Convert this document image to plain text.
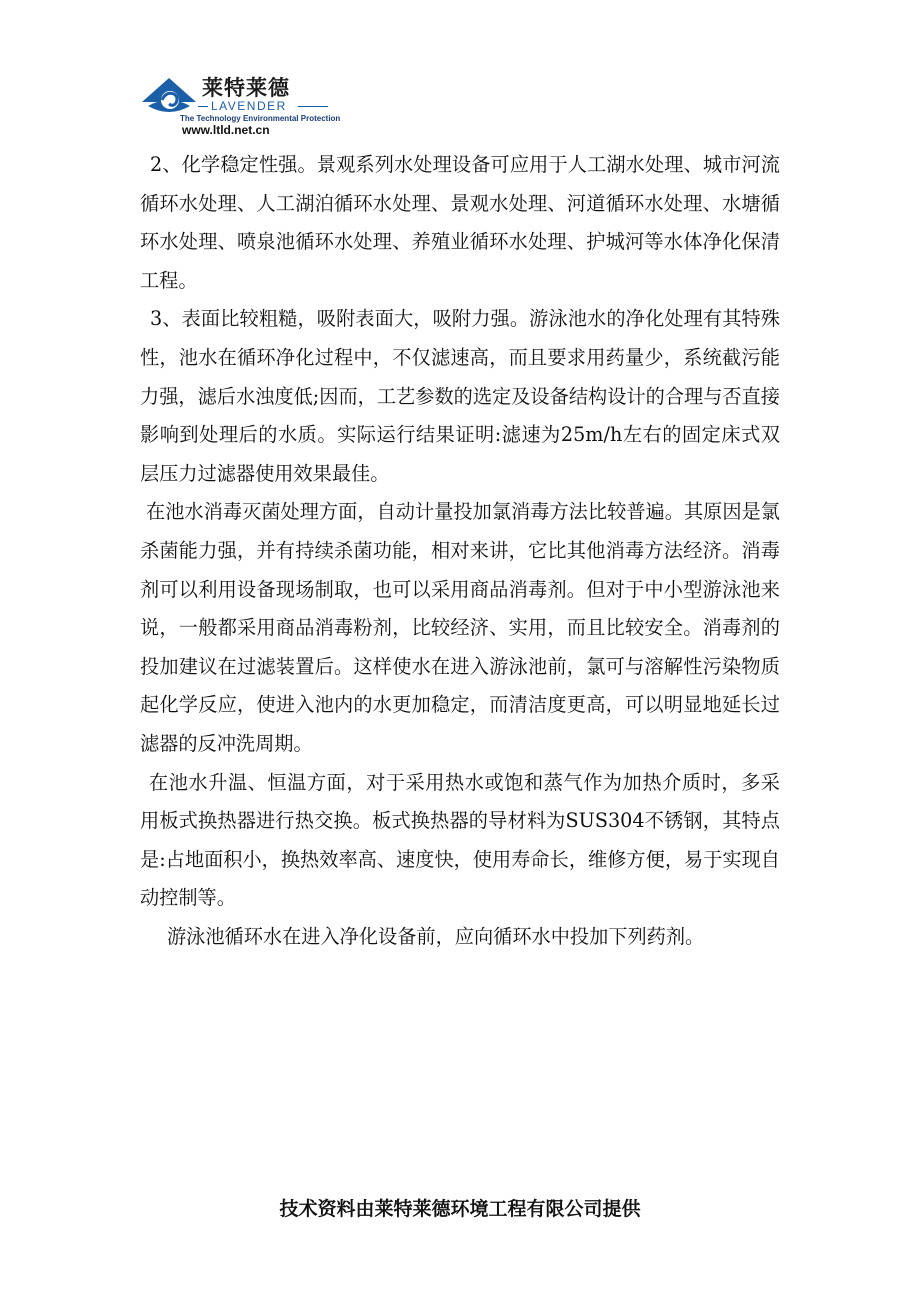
莱特莱德
LAVENDER
The Technology Environmental Protection
www.ltld.net.cn

2、化学稳定性强。景观系列水处理设备可应用于人工湖水处理、城市河流循环水处理、人工湖泊循环水处理、景观水处理、河道循环水处理、水塘循环水处理、喷泉池循环水处理、养殖业循环水处理、护城河等水体净化保清工程。

3、表面比较粗糙，吸附表面大，吸附力强。游泳池水的净化处理有其特殊性，池水在循环净化过程中，不仅滤速高，而且要求用药量少，系统截污能力强，滤后水浊度低;因而，工艺参数的选定及设备结构设计的合理与否直接影响到处理后的水质。实际运行结果证明:滤速为25m/h左右的固定床式双层压力过滤器使用效果最佳。

在池水消毒灭菌处理方面，自动计量投加氯消毒方法比较普遍。其原因是氯杀菌能力强，并有持续杀菌功能，相对来讲，它比其他消毒方法经济。消毒剂可以利用设备现场制取，也可以采用商品消毒剂。但对于中小型游泳池来说，一般都采用商品消毒粉剂，比较经济、实用，而且比较安全。消毒剂的投加建议在过滤装置后。这样使水在进入游泳池前，氯可与溶解性污染物质起化学反应，使进入池内的水更加稳定，而清洁度更高，可以明显地延长过滤器的反冲洗周期。

在池水升温、恒温方面，对于采用热水或饱和蒸气作为加热介质时，多采用板式换热器进行热交换。板式换热器的导材料为SUS304不锈钢，其特点是:占地面积小，换热效率高、速度快，使用寿命长，维修方便，易于实现自动控制等。

游泳池循环水在进入净化设备前，应向循环水中投加下列药剂。

技术资料由莱特莱德环境工程有限公司提供
